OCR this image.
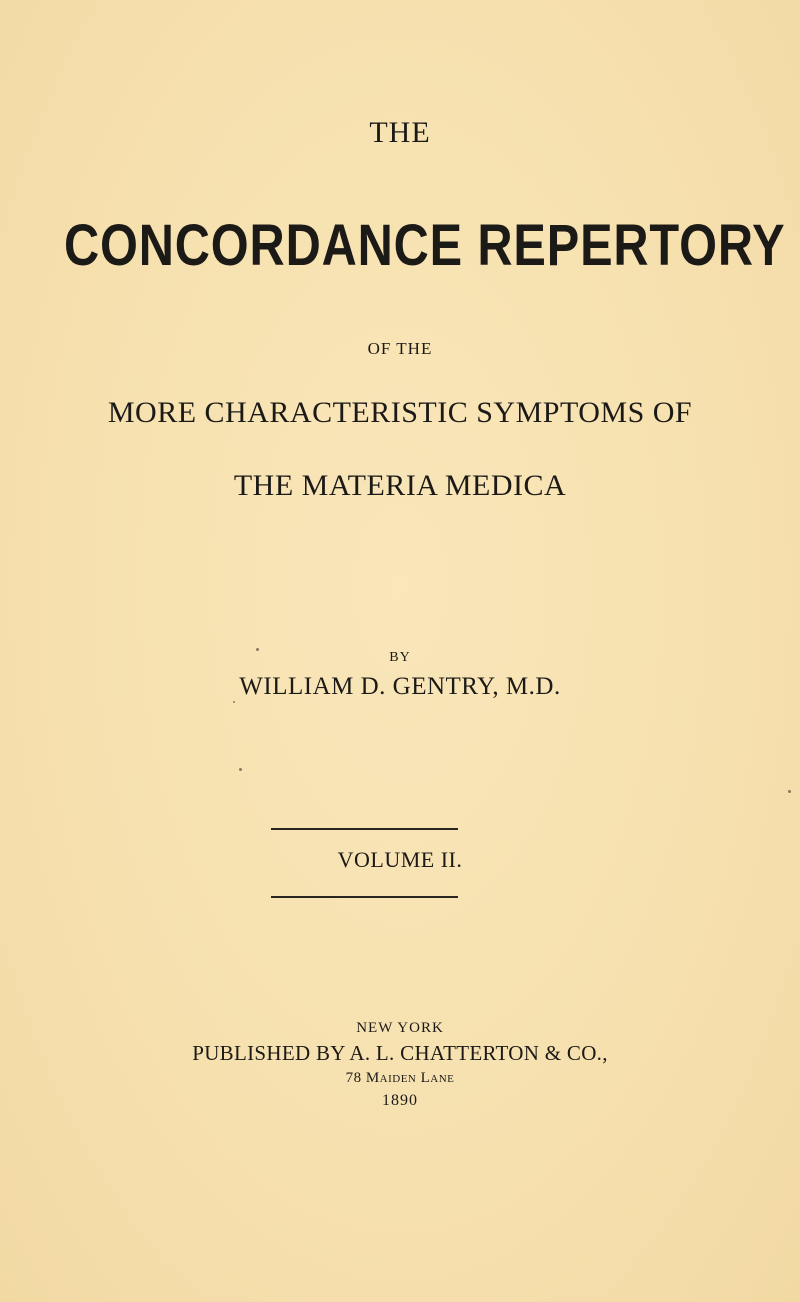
THE
CONCORDANCE REPERTORY
OF THE
MORE CHARACTERISTIC SYMPTOMS OF
THE MATERIA MEDICA
BY
WILLIAM D. GENTRY, M.D.
VOLUME II.
NEW YORK
PUBLISHED BY A. L. CHATTERTON & CO.,
78 Maiden Lane
1890
